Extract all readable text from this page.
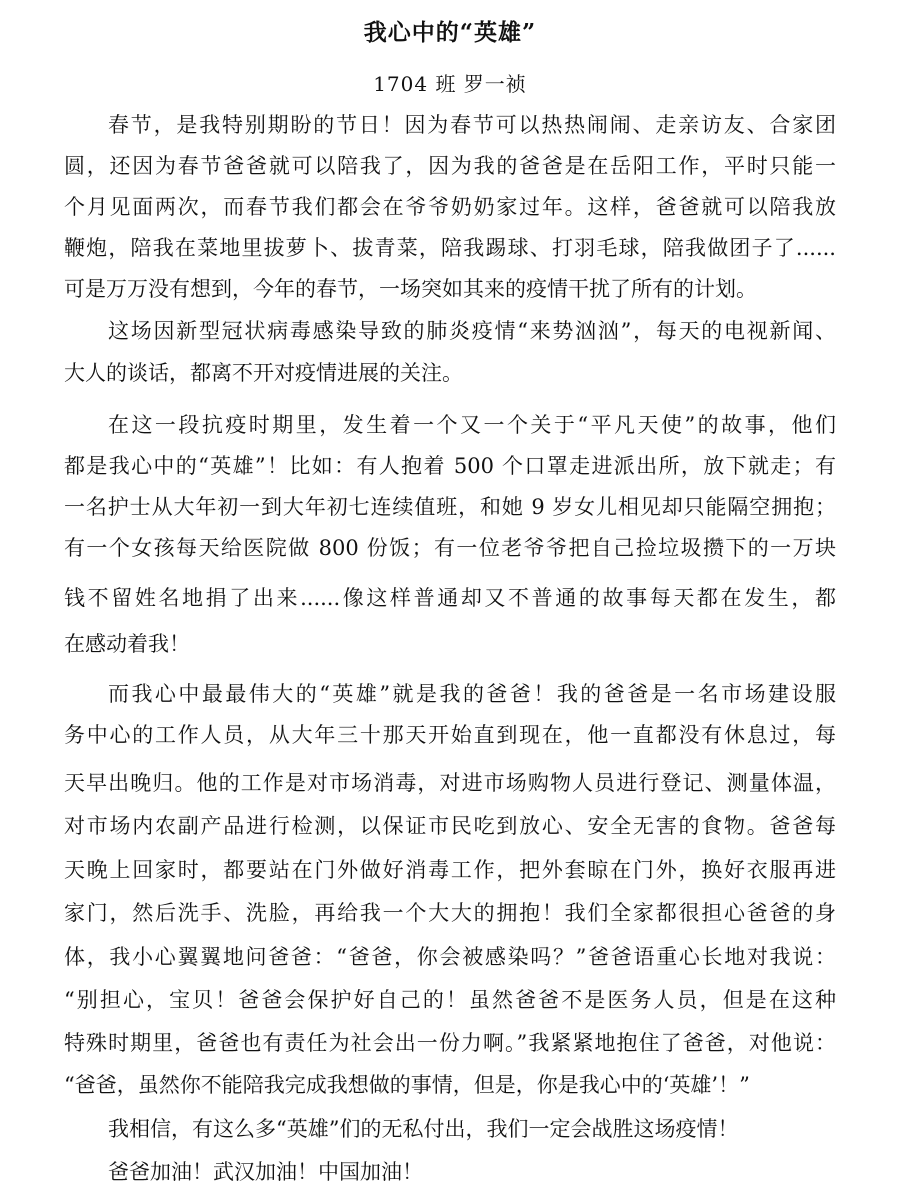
我心中的“英雄”
1704 班 罗一祯
春节，是我特别期盼的节日！因为春节可以热热闹闹、走亲访友、合家团
圆，还因为春节爸爸就可以陪我了，因为我的爸爸是在岳阳工作，平时只能一
个月见面两次，而春节我们都会在爷爷奶奶家过年。这样，爸爸就可以陪我放
鞭炮，陪我在菜地里拔萝卜、拔青菜，陪我踢球、打羽毛球，陪我做团子了......
可是万万没有想到，今年的春节，一场突如其来的疫情干扰了所有的计划。
这场因新型冠状病毒感染导致的肺炎疫情“来势汹汹”，每天的电视新闻、
大人的谈话，都离不开对疫情进展的关注。
在这一段抗疫时期里，发生着一个又一个关于“平凡天使”的故事，他们
都是我心中的“英雄”！比如：有人抱着 500 个口罩走进派出所，放下就走；有
一名护士从大年初一到大年初七连续值班，和她 9 岁女儿相见却只能隔空拥抱；
有一个女孩每天给医院做 800 份饭；有一位老爷爷把自己捡垃圾攒下的一万块
钱不留姓名地捐了出来......像这样普通却又不普通的故事每天都在发生，都
在感动着我！
而我心中最最伟大的“英雄”就是我的爸爸！我的爸爸是一名市场建设服
务中心的工作人员，从大年三十那天开始直到现在，他一直都没有休息过，每
天早出晚归。他的工作是对市场消毒，对进市场购物人员进行登记、测量体温，
对市场内农副产品进行检测，以保证市民吃到放心、安全无害的食物。爸爸每
天晚上回家时，都要站在门外做好消毒工作，把外套晾在门外，换好衣服再进
家门，然后洗手、洗脸，再给我一个大大的拥抱！我们全家都很担心爸爸的身
体，我小心翼翼地问爸爸：“爸爸，你会被感染吗？”爸爸语重心长地对我说：
“别担心，宝贝！爸爸会保护好自己的！虽然爸爸不是医务人员，但是在这种
特殊时期里，爸爸也有责任为社会出一份力啊。”我紧紧地抱住了爸爸，对他说：
“爸爸，虽然你不能陪我完成我想做的事情，但是，你是我心中的‘英雄’！”
我相信，有这么多“英雄”们的无私付出，我们一定会战胜这场疫情！
爸爸加油！武汉加油！中国加油！
